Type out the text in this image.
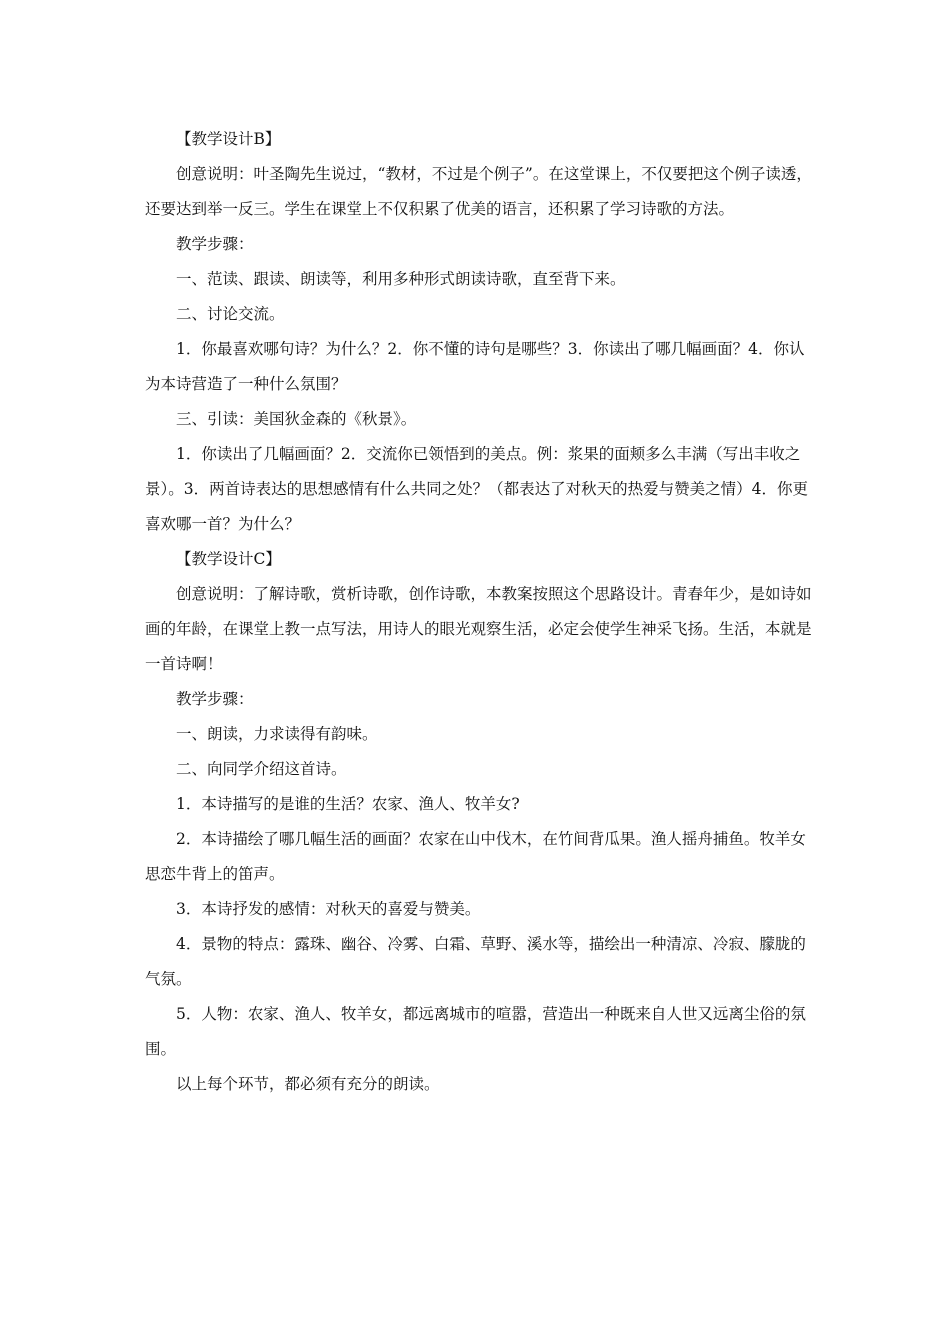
【教学设计B】

创意说明：叶圣陶先生说过，“教材，不过是个例子”。在这堂课上，不仅要把这个例子读透，还要达到举一反三。学生在课堂上不仅积累了优美的语言，还积累了学习诗歌的方法。

教学步骤：

一、范读、跟读、朗读等，利用多种形式朗读诗歌，直至背下来。

二、讨论交流。

1．你最喜欢哪句诗？为什么？2．你不懂的诗句是哪些？3．你读出了哪几幅画面？4．你认为本诗营造了一种什么氛围？

三、引读：美国狄金森的《秋景》。

1．你读出了几幅画面？2．交流你已领悟到的美点。例：浆果的面颊多么丰满（写出丰收之景）。3．两首诗表达的思想感情有什么共同之处？（都表达了对秋天的热爱与赞美之情）4．你更喜欢哪一首？为什么？

【教学设计C】

创意说明：了解诗歌，赏析诗歌，创作诗歌，本教案按照这个思路设计。青春年少，是如诗如画的年龄，在课堂上教一点写法，用诗人的眼光观察生活，必定会使学生神采飞扬。生活，本就是一首诗啊！

教学步骤：

一、朗读，力求读得有韵味。

二、向同学介绍这首诗。

1．本诗描写的是谁的生活？农家、渔人、牧羊女?

2．本诗描绘了哪几幅生活的画面？农家在山中伐木，在竹间背瓜果。渔人摇舟捕鱼。牧羊女思恋牛背上的笛声。

3．本诗抒发的感情：对秋天的喜爱与赞美。

4．景物的特点：露珠、幽谷、冷雾、白霜、草野、溪水等，描绘出一种清凉、冷寂、朦胧的气氛。

5．人物：农家、渔人、牧羊女，都远离城市的喧嚣，营造出一种既来自人世又远离尘俗的氛围。

以上每个环节，都必须有充分的朗读。
